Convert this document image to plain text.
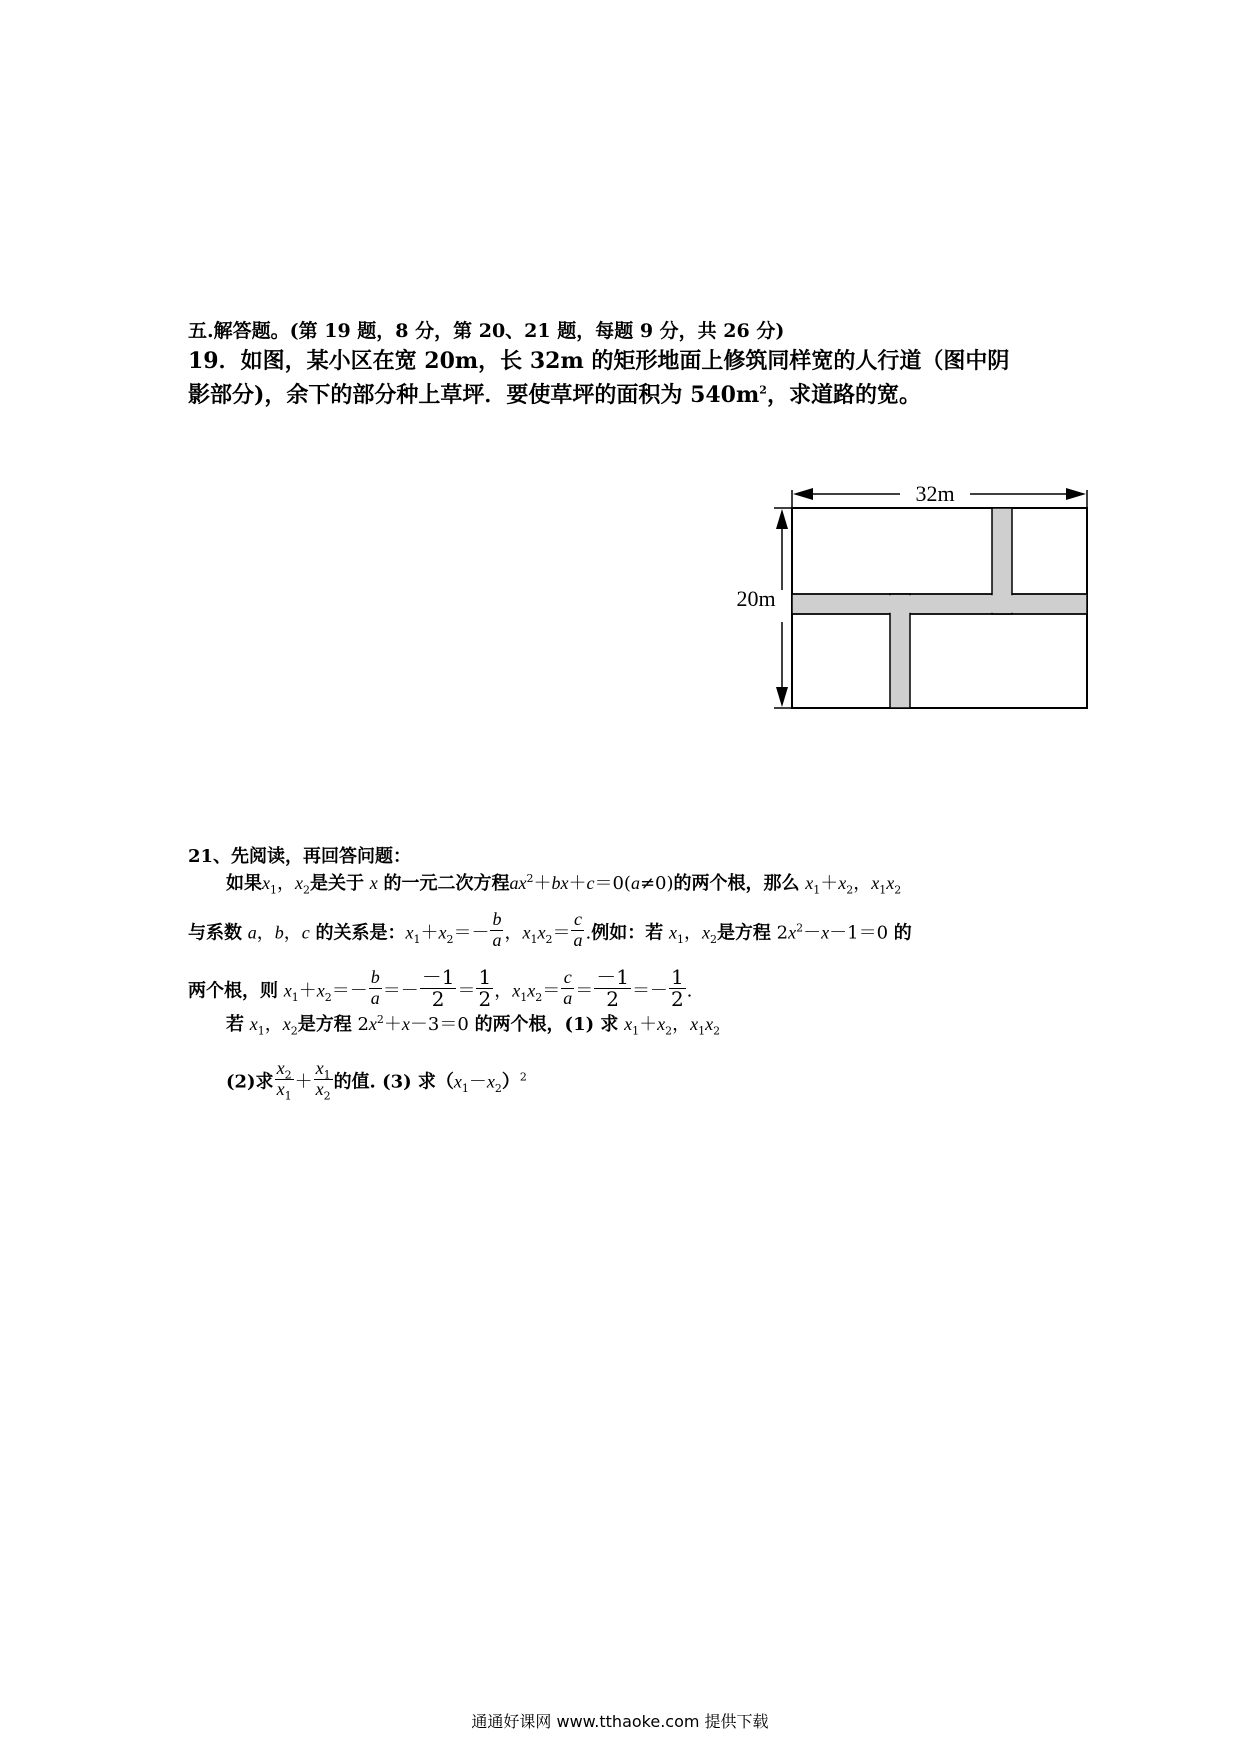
五.解答题。(第 19 题，8 分，第 20、21 题，每题 9 分，共 26 分)
19．如图，某小区在宽 20m，长 32m 的矩形地面上修筑同样宽的人行道（图中阴
影部分)，余下的部分种上草坪．要使草坪的面积为 $540m^2$，求道路的宽。
32m
20m
21、先阅读，再回答问题：
如果$x_1$，$x_2$是关于 x 的一元二次方程$ax^2+bx+c=0(a\ne 0)$的两个根，那么 $x_1+x_2$，$x_1x_2$
与系数 a，b，c 的关系是：$x_1+x_2=- \frac{b}{a}$ ，$x_1x_2= \frac{c}{a}$ .例如：若 $x_1$，$x_2$是方程 $2x^2-x-1=0$ 的
两个根，则 $x_1+x_2=- \frac{b}{a} =- \frac{-1}{2} = \frac{1}{2}$ ，$x_1x_2= \frac{c}{a} = \frac{-1}{2} =- \frac{1}{2}$ .
若 $x_1$，$x_2$是方程 $2x^2+x-3=0$ 的两个根，(1) 求 $x_1+x_2$，$x_1x_2$
(2)求 $\frac{x_2}{x_1} + \frac{x_1}{x_2}$ 的值. (3) 求$(x_1-x_2)^2$
通通好课网 www.tthaoke.com 提供下载
